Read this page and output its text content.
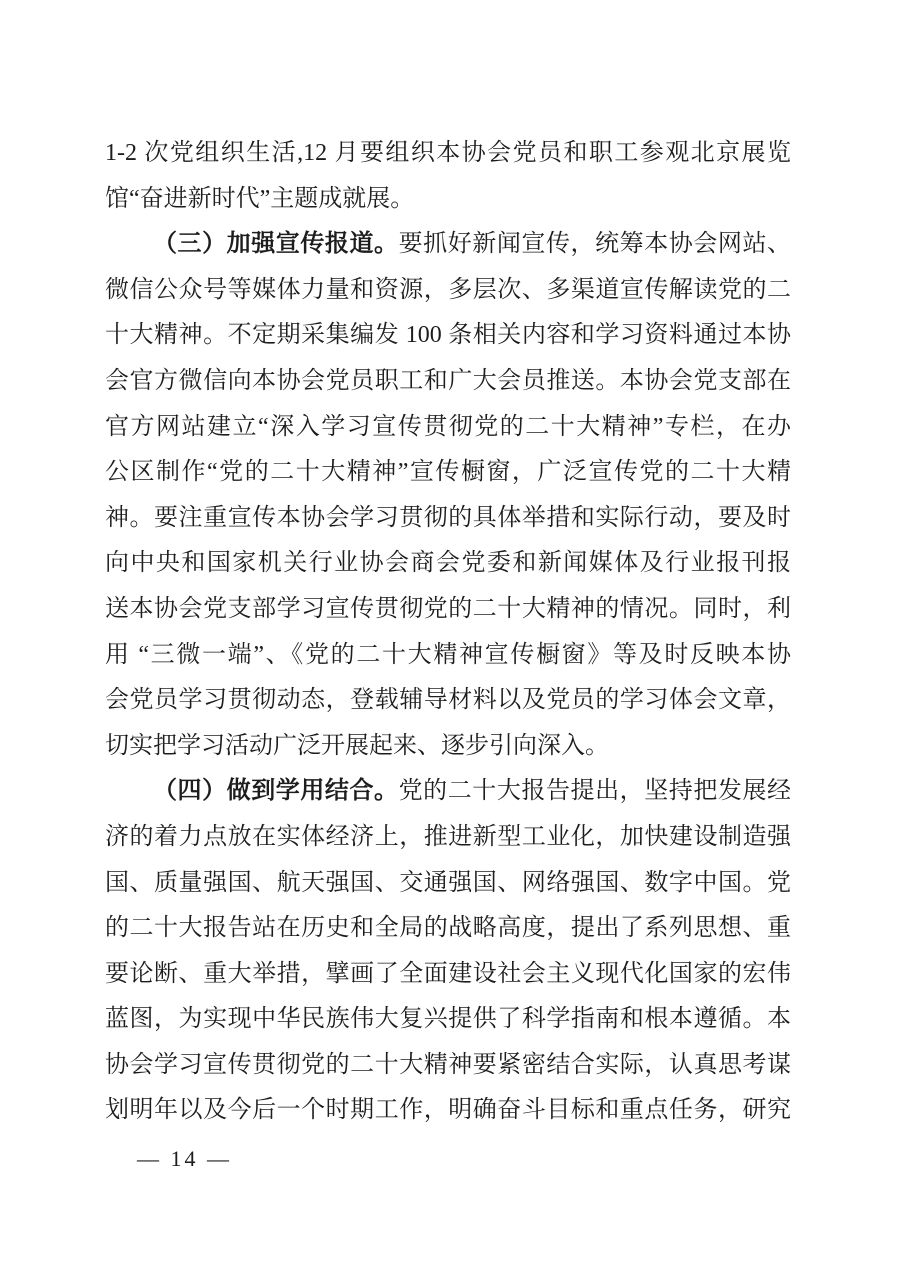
1-2 次党组织生活,12 月要组织本协会党员和职工参观北京展览
馆“奋进新时代”主题成就展。
（三）加强宣传报道。要抓好新闻宣传，统筹本协会网站、
微信公众号等媒体力量和资源，多层次、多渠道宣传解读党的二
十大精神。不定期采集编发 100 条相关内容和学习资料通过本协
会官方微信向本协会党员职工和广大会员推送。本协会党支部在
官方网站建立“深入学习宣传贯彻党的二十大精神”专栏，在办
公区制作“党的二十大精神”宣传橱窗，广泛宣传党的二十大精
神。要注重宣传本协会学习贯彻的具体举措和实际行动，要及时
向中央和国家机关行业协会商会党委和新闻媒体及行业报刊报
送本协会党支部学习宣传贯彻党的二十大精神的情况。同时，利
用 “三微一端”、《党的二十大精神宣传橱窗》等及时反映本协
会党员学习贯彻动态，登载辅导材料以及党员的学习体会文章，
切实把学习活动广泛开展起来、逐步引向深入。
（四）做到学用结合。党的二十大报告提出，坚持把发展经
济的着力点放在实体经济上，推进新型工业化，加快建设制造强
国、质量强国、航天强国、交通强国、网络强国、数字中国。党
的二十大报告站在历史和全局的战略高度，提出了系列思想、重
要论断、重大举措，擘画了全面建设社会主义现代化国家的宏伟
蓝图，为实现中华民族伟大复兴提供了科学指南和根本遵循。本
协会学习宣传贯彻党的二十大精神要紧密结合实际，认真思考谋
划明年以及今后一个时期工作，明确奋斗目标和重点任务，研究
— 14 —
